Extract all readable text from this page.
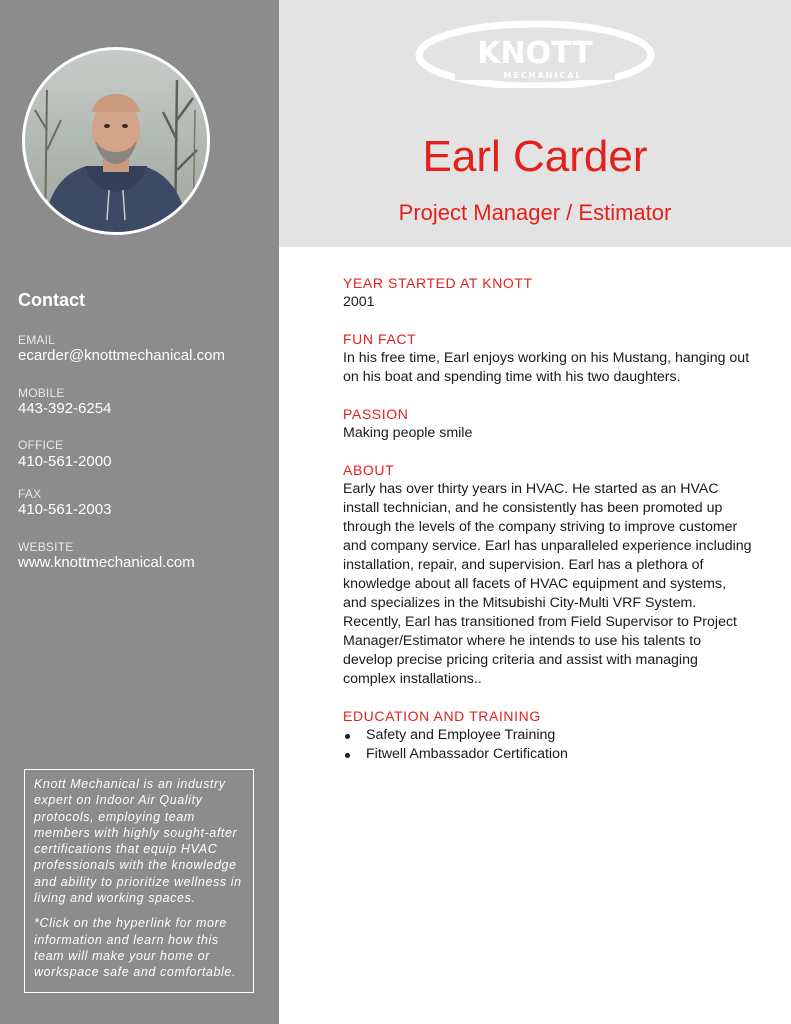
Contact
EMAIL
ecarder@knottmechanical.com
MOBILE
443-392-6254
OFFICE
410-561-2000
FAX
410-561-2003
WEBSITE
www.knottmechanical.com

Knott Mechanical is an industry expert on Indoor Air Quality protocols, employing team members with highly sought-after certifications that equip HVAC professionals with the knowledge and ability to prioritize wellness in living and working spaces.

*Click on the hyperlink for more information and learn how this team will make your home or workspace safe and comfortable.

KNOTT
MECHANICAL
Earl Carder
Project Manager / Estimator

YEAR STARTED AT KNOTT

2001

FUN FACT

In his free time, Earl enjoys working on his Mustang, hanging out on his boat and spending time with his two daughters.

PASSION

Making people smile

ABOUT

Early has over thirty years in HVAC. He started as an HVAC install technician, and he consistently has been promoted up through the levels of the company striving to improve customer and company service. Earl has unparalleled experience including installation, repair, and supervision. Earl has a plethora of knowledge about all facets of HVAC equipment and systems, and specializes in the Mitsubishi City-Multi VRF System. Recently, Earl has transitioned from Field Supervisor to Project Manager/Estimator where he intends to use his talents to develop precise pricing criteria and assist with managing complex installations..

EDUCATION AND TRAINING

Safety and Employee Training
Fitwell Ambassador Certification
